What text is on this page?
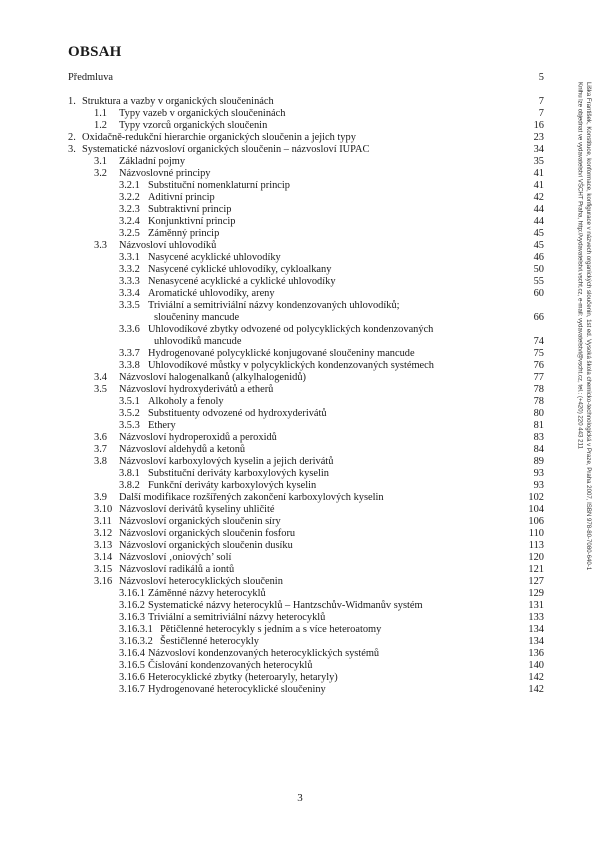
OBSAH
Předmluva	5
1. Struktura a vazby v organických sloučeninách	7
1.1 Typy vazeb v organických sloučeninách	7
1.2 Typy vzorců organických sloučenin	16
2. Oxidačně-redukční hierarchie organických sloučenin a jejich typy	23
3. Systematické názvosloví organických sloučenin – názvosloví IUPAC	34
3.1 Základní pojmy	35
3.2 Názvoslovné principy	41
3.2.1 Substituční nomenklaturní princip	41
3.2.2 Aditivní princip	42
3.2.3 Subtraktivní princip	44
3.2.4 Konjunktivní princip	44
3.2.5 Záměnný princip	45
3.3 Názvosloví uhlovodíků	45
3.3.1 Nasycené acyklické uhlovodíky	46
3.3.2 Nasycené cyklické uhlovodíky, cykloalkany	50
3.3.3 Nenasycené acyklické a cyklické uhlovodíky	55
3.3.4 Aromatické uhlovodíky, areny	60
3.3.5 Triviální a semitriviální názvy kondenzovaných uhlovodíků;
sloučeniny mancude	66
3.3.6 Uhlovodíkové zbytky odvozené od polycyklických kondenzovaných
uhlovodíků mancude	74
3.3.7 Hydrogenované polycyklické konjugované sloučeniny mancude	75
3.3.8 Uhlovodíkové můstky v polycyklických kondenzovaných systémech	76
3.4 Názvosloví halogenalkanů (alkylhalogenidů)	77
3.5 Názvosloví hydroxyderivátů a etherů	78
3.5.1 Alkoholy a fenoly	78
3.5.2 Substituenty odvozené od hydroxyderivátů	80
3.5.3 Ethery	81
3.6 Názvosloví hydroperoxidů a peroxidů	83
3.7 Názvosloví aldehydů a ketonů	84
3.8 Názvosloví karboxylových kyselin a jejich derivátů	89
3.8.1 Substituční deriváty karboxylových kyselin	93
3.8.2 Funkční deriváty karboxylových kyselin	93
3.9 Další modifikace rozšířených zakončení karboxylových kyselin	102
3.10 Názvosloví derivátů kyseliny uhličité	104
3.11 Názvosloví organických sloučenin síry	106
3.12 Názvosloví organických sloučenin fosforu	110
3.13 Názvosloví organických sloučenin dusíku	113
3.14 Názvosloví ‚oniových’ solí	120
3.15 Názvosloví radikálů a iontů	121
3.16 Názvosloví heterocyklických sloučenin	127
3.16.1 Záměnné názvy heterocyklů	129
3.16.2 Systematické názvy heterocyklů – Hantzschův-Widmanův systém	131
3.16.3 Triviální a semitriviální názvy heterocyklů	133
3.16.3.1 Pětičlenné heterocykly s jedním a s více heteroatomy	134
3.16.3.2 Šestičlenné heterocykly	134
3.16.4 Názvosloví kondenzovaných heterocyklických systémů	136
3.16.5 Číslování kondenzovaných heterocyklů	140
3.16.6 Heterocyklické zbytky (heteroaryly, hetaryly)	142
3.16.7 Hydrogenované heterocyklické sloučeniny	142
Liška František, Konstituce, konformace, konfigurace v názvech organických sloučenin, 1st ed. Vysoká škola chemicko-technologická v Praze, Praha 2007, ISBN 978-80-7080-640-1
Knihu lze objednat ve vydavatelství VŠCHT Praha, http://vydavatelstvi.vscht.cz, e-mail: vydavatelstvi@vscht.cz, tel.: (+420) 220 443 211
3
